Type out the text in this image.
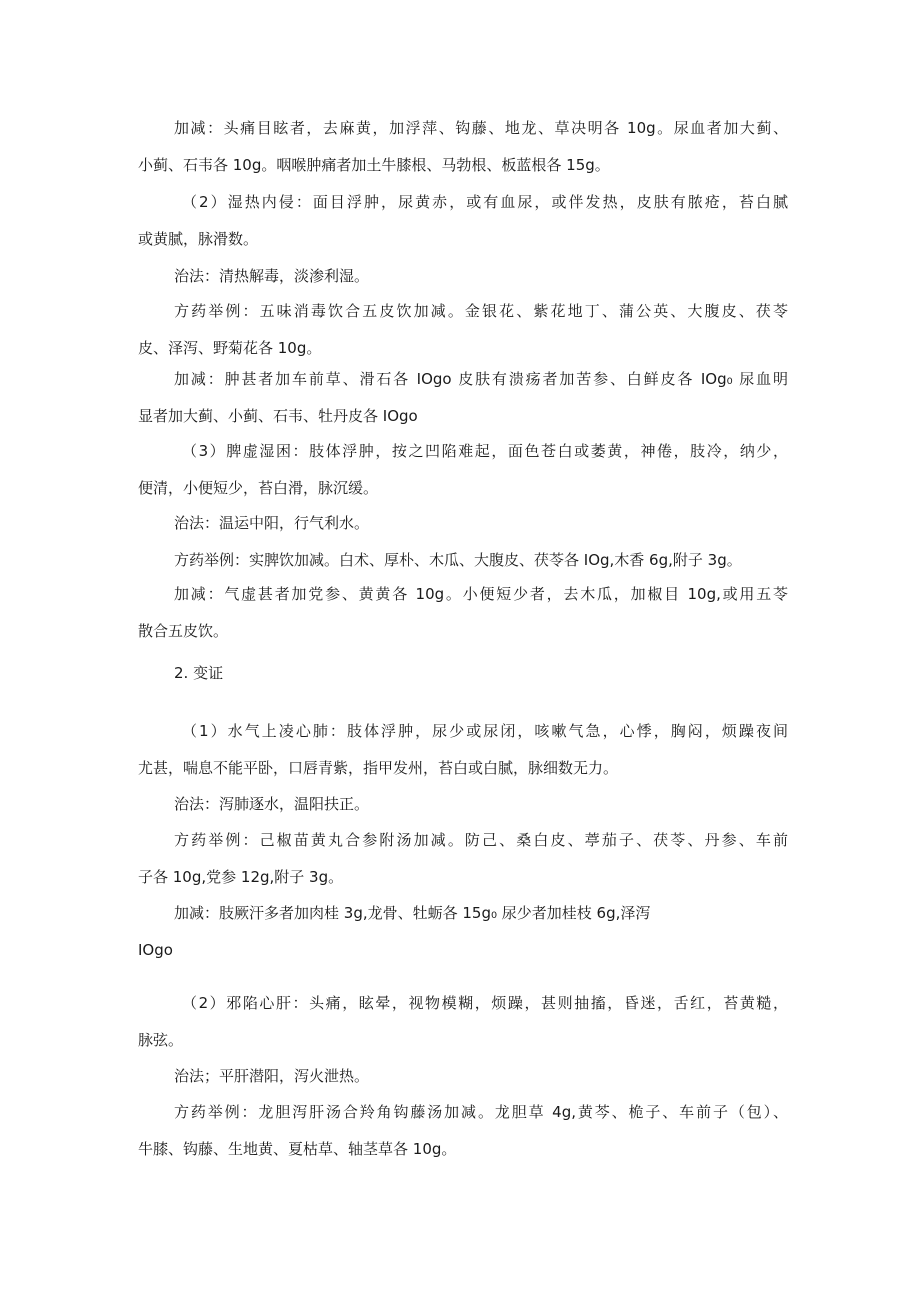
加减：头痛目眩者，去麻黄，加浮萍、钩藤、地龙、草决明各 10g。尿血者加大蓟、
小蓟、石韦各 10g。咽喉肿痛者加土牛膝根、马勃根、板蓝根各 15g。
（2）湿热内侵：面目浮肿，尿黄赤，或有血尿，或伴发热，皮肤有脓疮，苔白腻
或黄腻，脉滑数。
治法：清热解毒，淡渗利湿。
方药举例：五味消毒饮合五皮饮加减。金银花、紫花地丁、蒲公英、大腹皮、茯苓
皮、泽泻、野菊花各 10g。
加减：肿甚者加车前草、滑石各 IOgo 皮肤有溃疡者加苦参、白鲜皮各 IOg₀ 尿血明
显者加大蓟、小蓟、石韦、牡丹皮各 IOgo
（3）脾虚湿困：肢体浮肿，按之凹陷难起，面色苍白或萎黄，神倦，肢冷，纳少，
便清，小便短少，苔白滑，脉沉缓。
治法：温运中阳，行气利水。
方药举例：实脾饮加减。白术、厚朴、木瓜、大腹皮、茯苓各 IOg,木香 6g,附子 3g。
加减：气虚甚者加党参、黄黄各 10g。小便短少者，去木瓜，加椒目 10g,或用五苓
散合五皮饮。
2. 变证
（1）水气上凌心肺：肢体浮肿，尿少或尿闭，咳嗽气急，心悸，胸闷，烦躁夜间
尤甚，喘息不能平卧，口唇青紫，指甲发州，苔白或白腻，脉细数无力。
治法：泻肺逐水，温阳扶正。
方药举例：己椒苗黄丸合参附汤加减。防己、桑白皮、葶茄子、茯苓、丹参、车前
子各 10g,党参 12g,附子 3g。
加减：肢厥汗多者加肉桂 3g,龙骨、牡蛎各 15g₀ 尿少者加桂枝 6g,泽泻
IOgo
（2）邪陷心肝：头痛，眩晕，视物模糊，烦躁，甚则抽搐，昏迷，舌红，苔黄糙，
脉弦。
治法；平肝潜阳，泻火泄热。
方药举例：龙胆泻肝汤合羚角钩藤汤加减。龙胆草 4g,黄芩、桅子、车前子（包）、
牛膝、钩藤、生地黄、夏枯草、轴茎草各 10g。
